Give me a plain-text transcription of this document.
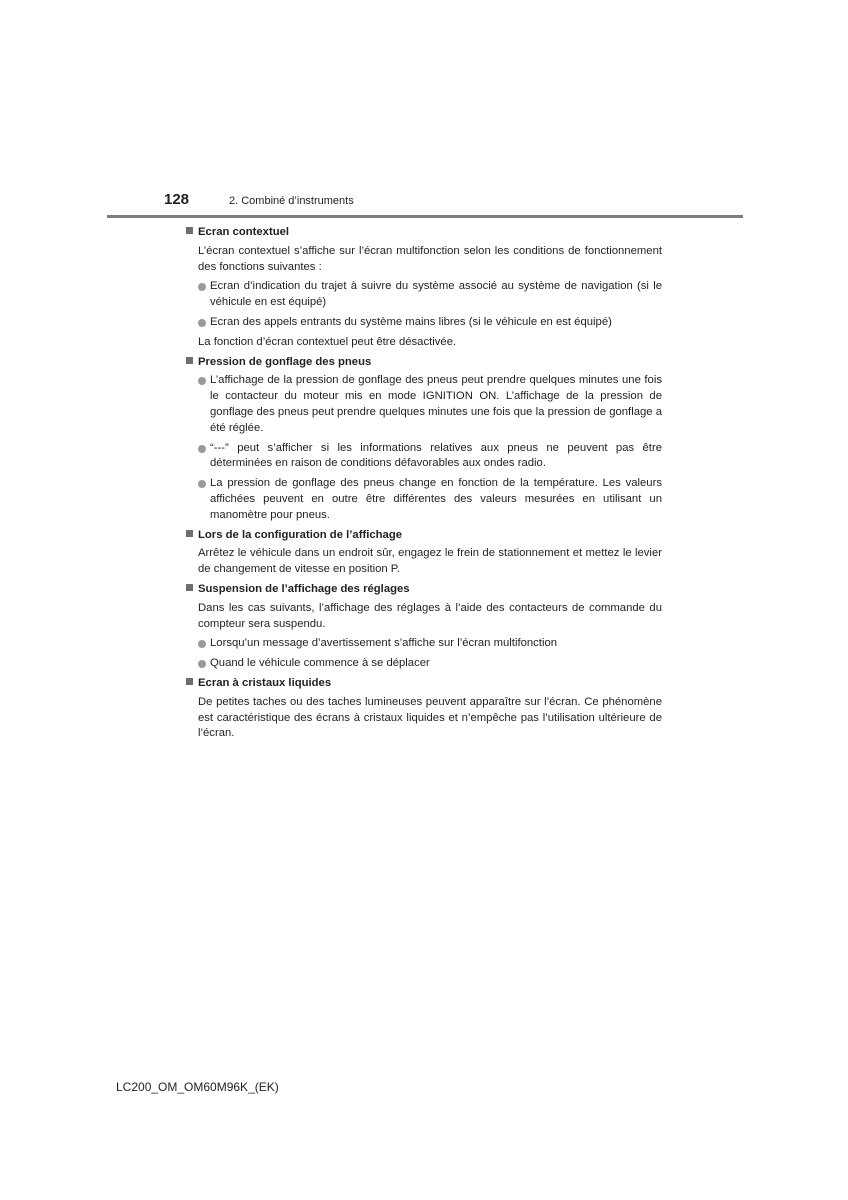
128	2. Combiné d’instruments
Ecran contextuel
L’écran contextuel s’affiche sur l’écran multifonction selon les conditions de fonctionnement des fonctions suivantes :
Ecran d’indication du trajet à suivre du système associé au système de navigation (si le véhicule en est équipé)
Ecran des appels entrants du système mains libres (si le véhicule en est équipé)
La fonction d’écran contextuel peut être désactivée.
Pression de gonflage des pneus
L’affichage de la pression de gonflage des pneus peut prendre quelques minutes une fois le contacteur du moteur mis en mode IGNITION ON. L’affichage de la pression de gonflage des pneus peut prendre quelques minutes une fois que la pression de gonflage a été réglée.
“---” peut s’afficher si les informations relatives aux pneus ne peuvent pas être déterminées en raison de conditions défavorables aux ondes radio.
La pression de gonflage des pneus change en fonction de la température. Les valeurs affichées peuvent en outre être différentes des valeurs mesurées en utilisant un manomètre pour pneus.
Lors de la configuration de l’affichage
Arrêtez le véhicule dans un endroit sûr, engagez le frein de stationnement et mettez le levier de changement de vitesse en position P.
Suspension de l’affichage des réglages
Dans les cas suivants, l’affichage des réglages à l’aide des contacteurs de commande du compteur sera suspendu.
Lorsqu’un message d’avertissement s’affiche sur l’écran multifonction
Quand le véhicule commence à se déplacer
Ecran à cristaux liquides
De petites taches ou des taches lumineuses peuvent apparaître sur l’écran. Ce phénomène est caractéristique des écrans à cristaux liquides et n’empêche pas l’utilisation ultérieure de l’écran.
LC200_OM_OM60M96K_(EK)
